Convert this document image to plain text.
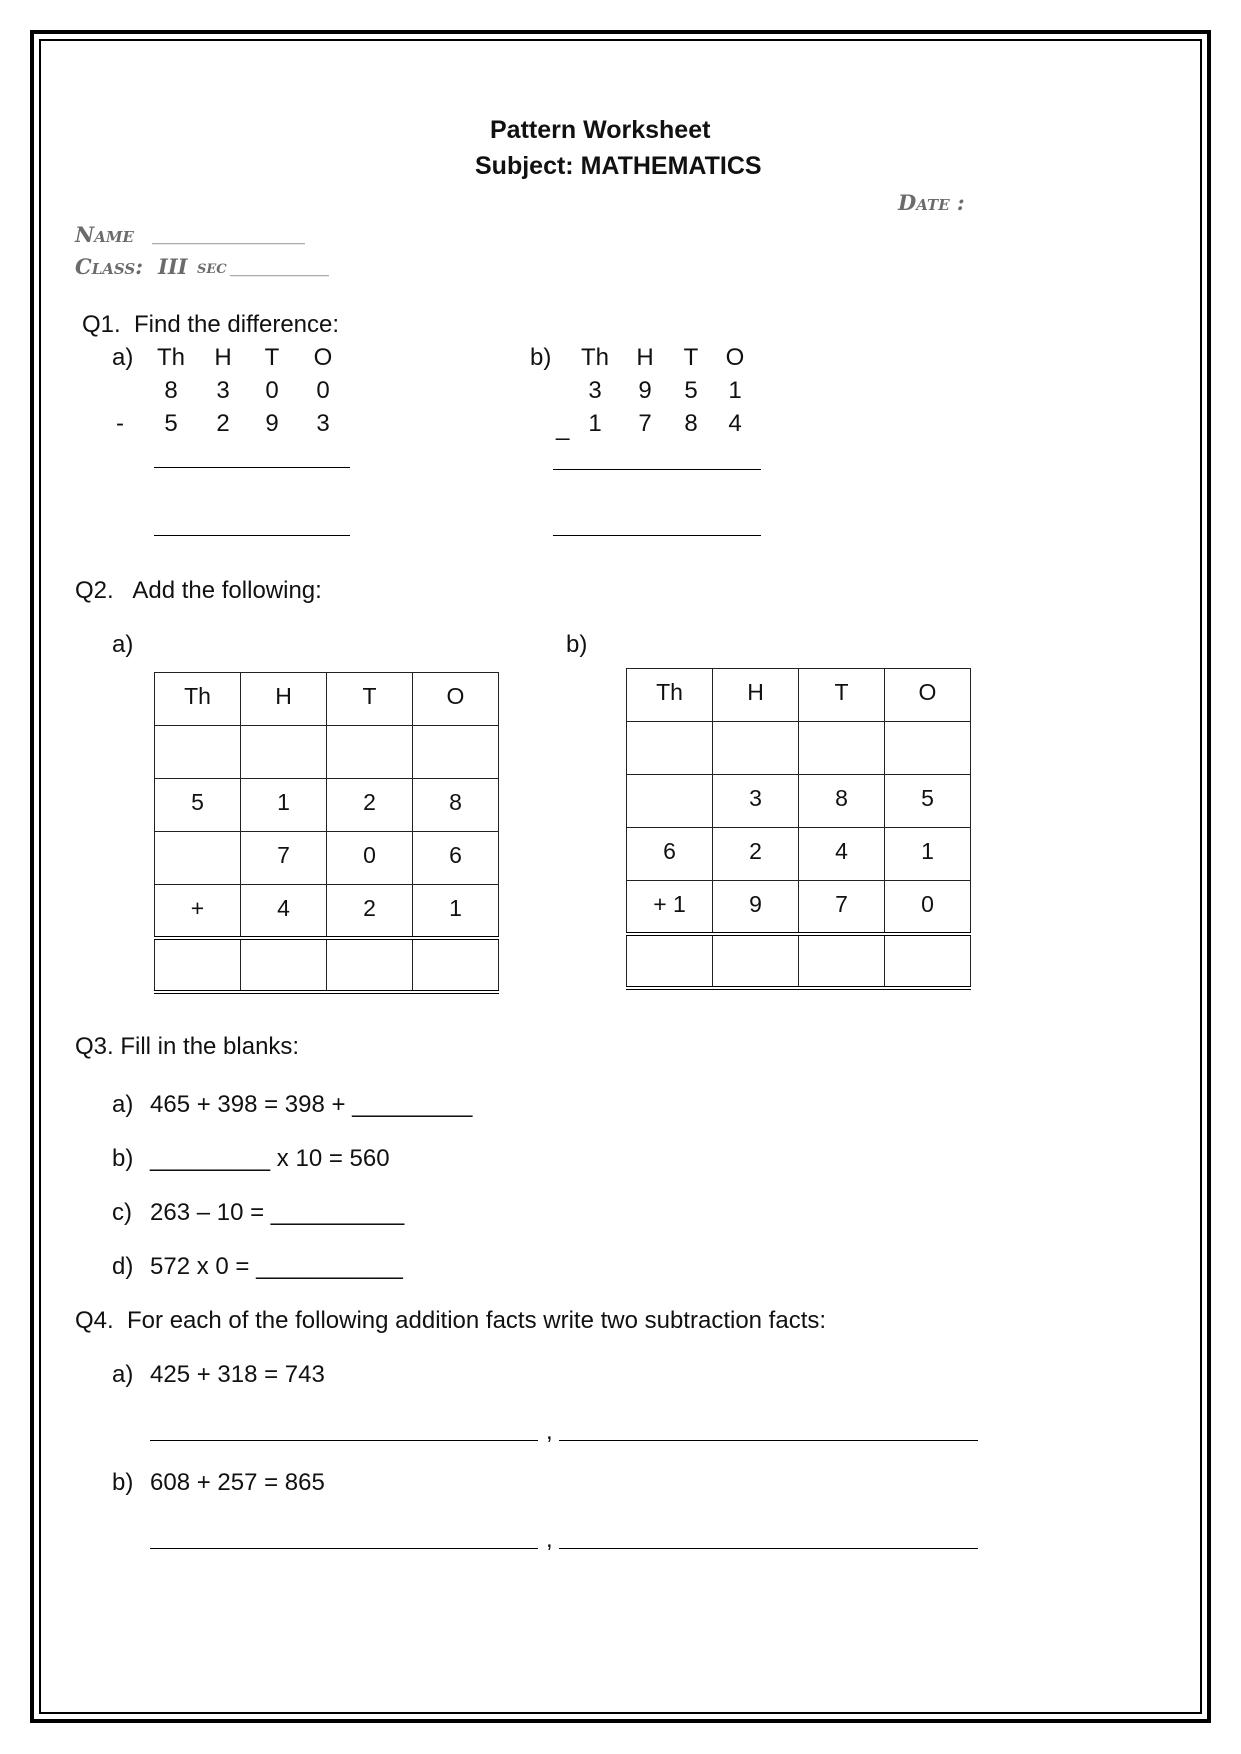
Pattern Worksheet
Subject: MATHEMATICS
Date :
Name _________________
Class: III sec ___________
Q1.  Find the difference:
a) Th	H	T	O
8	3	0	0
-	5	2	9	3
b) Th	H	T	O
3	9	5	1
_ 1	7	8	4
Q2.   Add the following:
a)	b)
Th	H	T	O

5	1	2	8
	7	0	6
+	4	2	1

Th	H	T	O

	3	8	5
6	2	4	1
+ 1	9	7	0

Q3. Fill in the blanks:
a) 465 + 398 = 398 + _________
b) _________ x 10 = 560
c) 263 – 10 = __________
d) 572 x 0 = ___________
Q4.  For each of the following addition facts write two subtraction facts:
a) 425 + 318 = 743
,
b) 608 + 257 = 865
,
